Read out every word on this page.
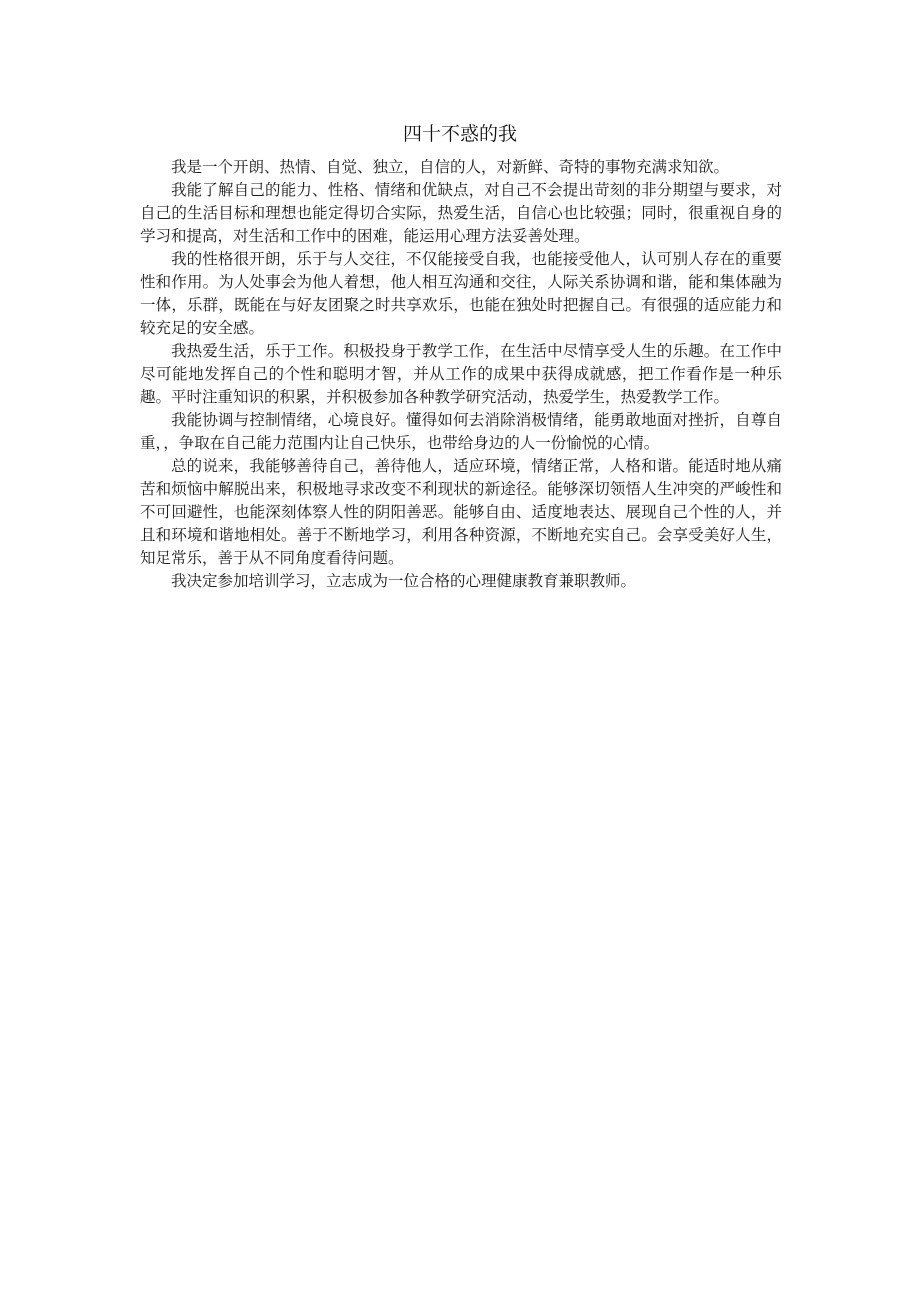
四十不惑的我

我是一个开朗、热情、自觉、独立，自信的人，对新鲜、奇特的事物充满求知欲。

我能了解自己的能力、性格、情绪和优缺点，对自己不会提出苛刻的非分期望与要求，对自己的生活目标和理想也能定得切合实际，热爱生活，自信心也比较强；同时，很重视自身的学习和提高，对生活和工作中的困难，能运用心理方法妥善处理。

我的性格很开朗，乐于与人交往，不仅能接受自我，也能接受他人，认可别人存在的重要性和作用。为人处事会为他人着想，他人相互沟通和交往，人际关系协调和谐，能和集体融为一体，乐群，既能在与好友团聚之时共享欢乐，也能在独处时把握自己。有很强的适应能力和较充足的安全感。

我热爱生活，乐于工作。积极投身于教学工作，在生活中尽情享受人生的乐趣。在工作中尽可能地发挥自己的个性和聪明才智，并从工作的成果中获得成就感，把工作看作是一种乐趣。平时注重知识的积累，并积极参加各种教学研究活动，热爱学生，热爱教学工作。

我能协调与控制情绪，心境良好。懂得如何去消除消极情绪，能勇敢地面对挫折，自尊自重，，争取在自己能力范围内让自己快乐，也带给身边的人一份愉悦的心情。

总的说来，我能够善待自己，善待他人，适应环境，情绪正常，人格和谐。能适时地从痛苦和烦恼中解脱出来，积极地寻求改变不利现状的新途径。能够深切领悟人生冲突的严峻性和不可回避性，也能深刻体察人性的阴阳善恶。能够自由、适度地表达、展现自己个性的人，并且和环境和谐地相处。善于不断地学习，利用各种资源，不断地充实自己。会享受美好人生，知足常乐，善于从不同角度看待问题。

我决定参加培训学习，立志成为一位合格的心理健康教育兼职教师。
